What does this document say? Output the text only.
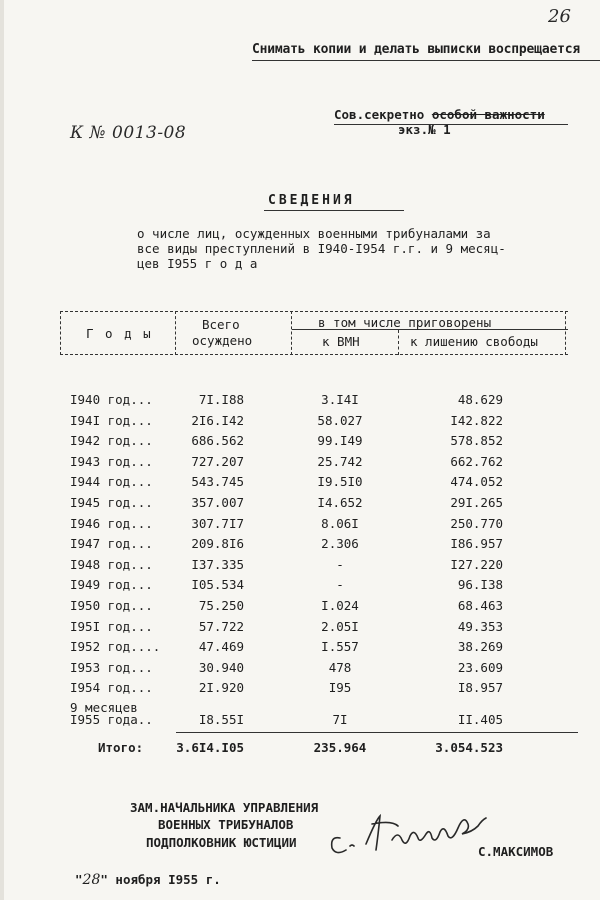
26
Снимать копии и делать выписки воспрещается
Сов.секретно особой важности
экз.№ 1
К № 0013-08
СВЕДЕНИЯ
о числе лиц, осужденных военными трибуналами за
все виды преступлений в I940-I954 г.г. и 9 месяц-
цев I955 г о д а
Г о д ы
Всего
осуждено
в том числе приговорены
к ВМН	к лишению свободы
I940 год...	7I.I88	3.I4I	48.629
I94I год...	2I6.I42	58.027	I42.822
I942 год...	686.562	99.I49	578.852
I943 год...	727.207	25.742	662.762
I944 год...	543.745	I9.5I0	474.052
I945 год...	357.007	I4.652	29I.265
I946 год...	307.7I7	8.06I	250.770
I947 год...	209.8I6	2.306	I86.957
I948 год...	I37.335	-	I27.220
I949 год...	I05.534	-	96.I38
I950 год...	75.250	I.024	68.463
I95I год...	57.722	2.05I	49.353
I952 год....	47.469	I.557	38.269
I953 год...	30.940	478	23.609
I954 год...	2I.920	I95	I8.957
9 месяцев
I955 года..	I8.55I	7I	II.405
Итого:	3.6I4.I05	235.964	3.054.523
ЗАМ.НАЧАЛЬНИКА УПРАВЛЕНИЯ
ВОЕННЫХ ТРИБУНАЛОВ
ПОДПОЛКОВНИК ЮСТИЦИИ
С.МАКСИМОВ
"28" ноября I955 г.
